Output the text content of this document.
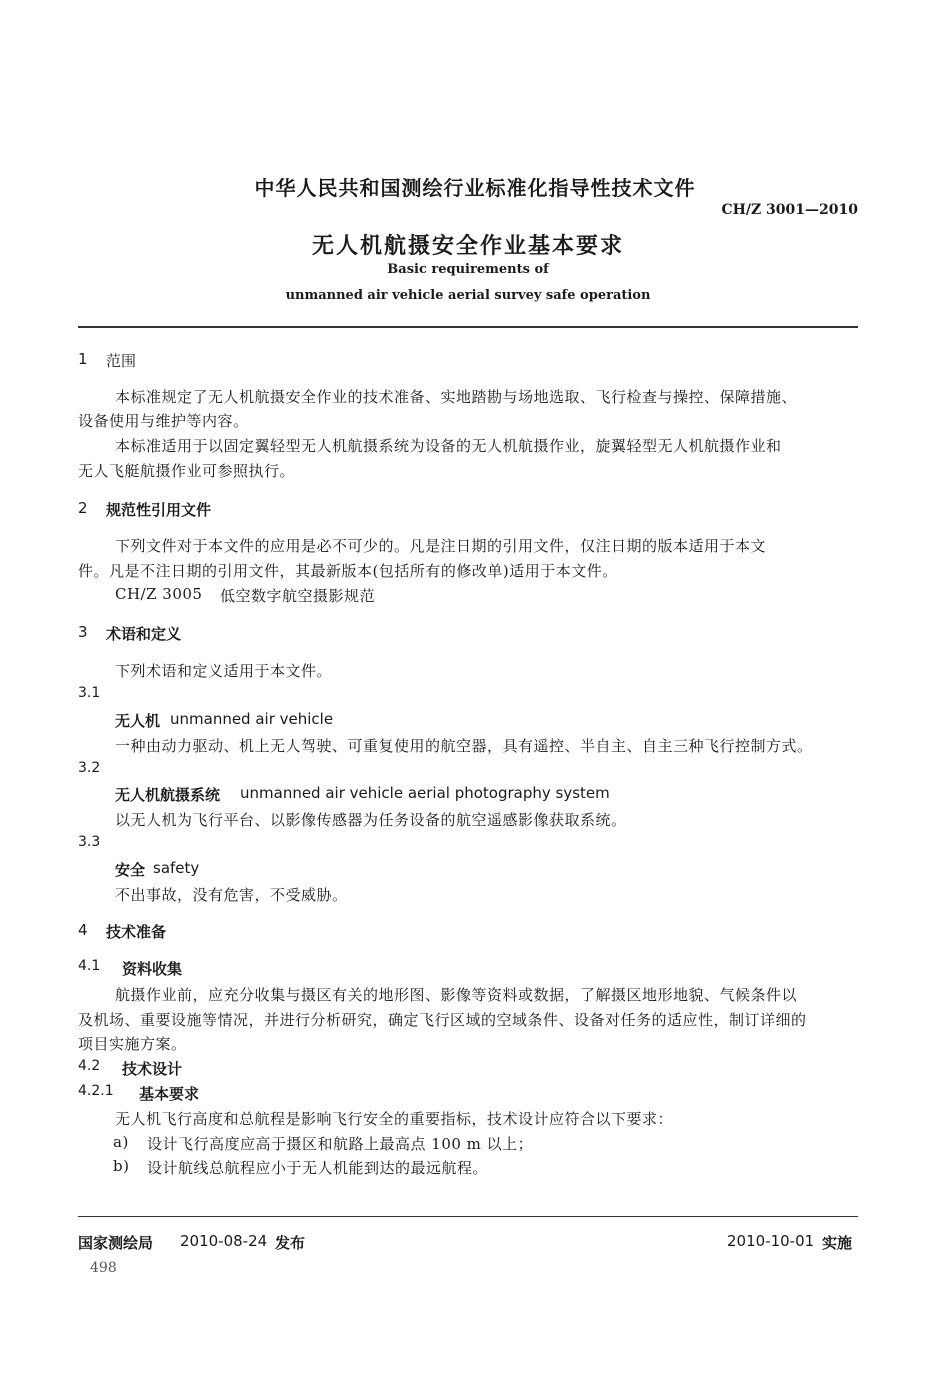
中华人民共和国测绘行业标准化指导性技术文件
CH/Z 3001—2010
无人机航摄安全作业基本要求
Basic requirements of
unmanned air vehicle aerial survey safe operation
1 范围
本标准规定了无人机航摄安全作业的技术准备、实地踏勘与场地选取、飞行检查与操控、保障措施、
设备使用与维护等内容。
本标准适用于以固定翼轻型无人机航摄系统为设备的无人机航摄作业，旋翼轻型无人机航摄作业和
无人飞艇航摄作业可参照执行。
2 规范性引用文件
下列文件对于本文件的应用是必不可少的。凡是注日期的引用文件，仅注日期的版本适用于本文
件。凡是不注日期的引用文件，其最新版本(包括所有的修改单)适用于本文件。
CH/Z 3005 低空数字航空摄影规范
3 术语和定义
下列术语和定义适用于本文件。
3.1
无人机 unmanned air vehicle
一种由动力驱动、机上无人驾驶、可重复使用的航空器，具有遥控、半自主、自主三种飞行控制方式。
3.2
无人机航摄系统 unmanned air vehicle aerial photography system
以无人机为飞行平台、以影像传感器为任务设备的航空遥感影像获取系统。
3.3
安全 safety
不出事故，没有危害，不受威胁。
4 技术准备
4.1 资料收集
航摄作业前，应充分收集与摄区有关的地形图、影像等资料或数据，了解摄区地形地貌、气候条件以
及机场、重要设施等情况，并进行分析研究，确定飞行区域的空域条件、设备对任务的适应性，制订详细的
项目实施方案。
4.2 技术设计
4.2.1 基本要求
无人机飞行高度和总航程是影响飞行安全的重要指标，技术设计应符合以下要求：
a) 设计飞行高度应高于摄区和航路上最高点 100 m 以上；
b) 设计航线总航程应小于无人机能到达的最远航程。
国家测绘局 2010-08-24 发布	2010-10-01 实施
498
